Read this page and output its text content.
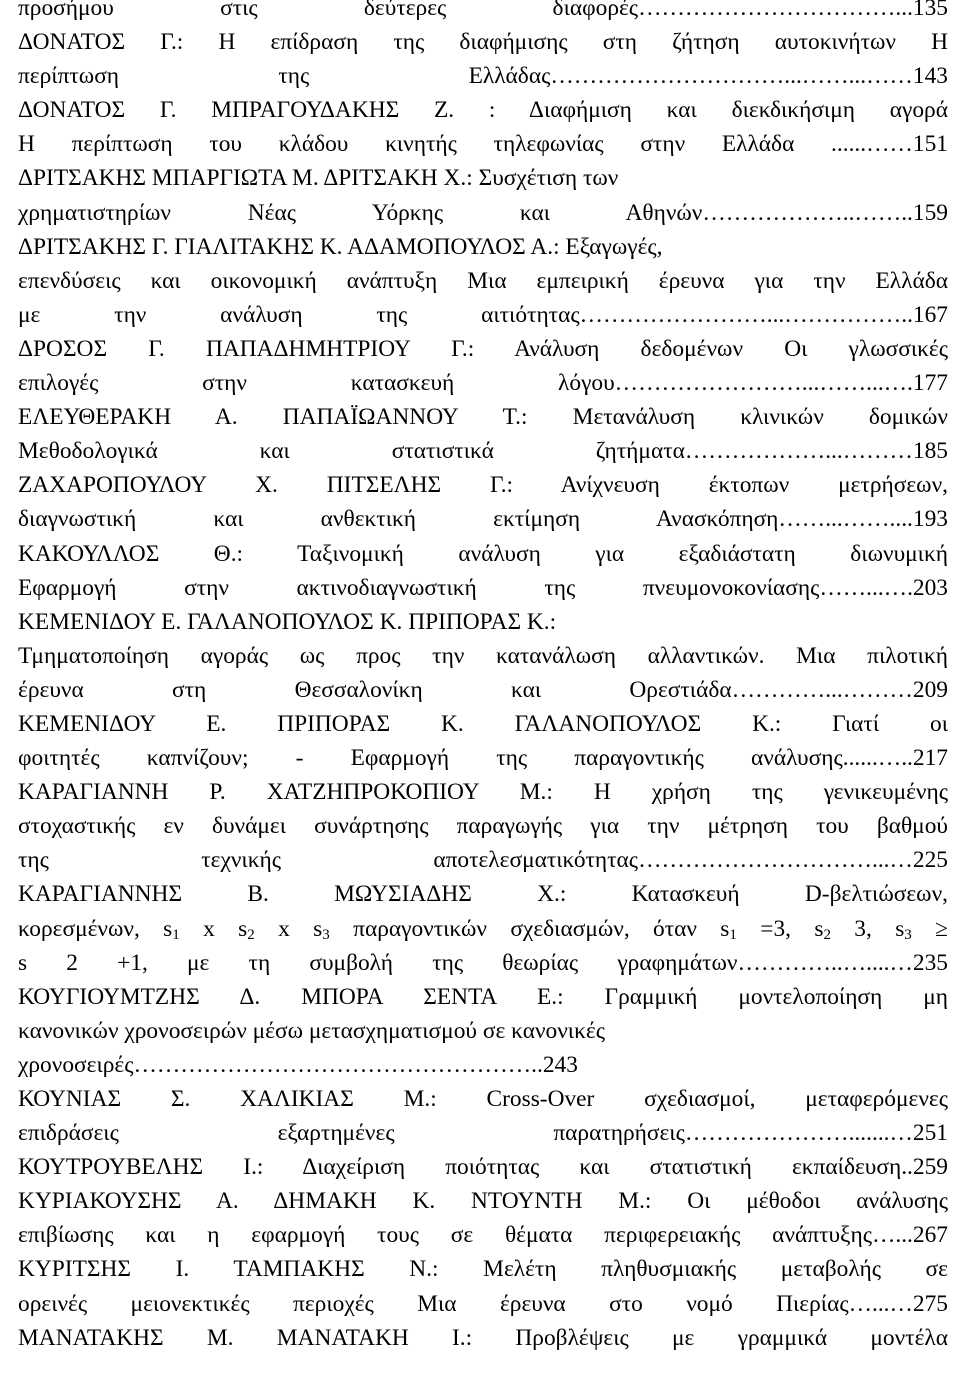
προσήμου στις δεύτερες διαφορές……………………………...135
ΔΟΝΑΤΟΣ Γ.: Η επίδραση της διαφήμισης στη ζήτηση αυτοκινήτων Η
περίπτωση της Ελλάδας…………………………...……...……143
ΔΟΝΑΤΟΣ Γ. ΜΠΡΑΓΟΥΔΑΚΗΣ Ζ. : Διαφήμιση και διεκδικήσιμη αγορά
Η περίπτωση του κλάδου κινητής τηλεφωνίας στην Ελλάδα ......……151
ΔΡΙΤΣΑΚΗΣ ΜΠΑΡΓΙΩΤΑ Μ. ΔΡΙΤΣΑΚΗ Χ.: Συσχέτιση των
χρηματιστηρίων Νέας Υόρκης και Αθηνών………………..……..159
ΔΡΙΤΣΑΚΗΣ Γ. ΓΙΑΛΙΤΑΚΗΣ Κ. ΑΔΑΜΟΠΟΥΛΟΣ Α.: Εξαγωγές,
επενδύσεις και οικονομική ανάπτυξη Μια εμπειρική έρευνα για την Ελλάδα
με την ανάλυση της αιτιότητας……………………...……………..167
ΔΡΟΣΟΣ Γ. ΠΑΠΑΔΗΜΗΤΡΙΟΥ Γ.: Ανάλυση δεδομένων Οι γλωσσικές
επιλογές στην κατασκευή λόγου……………………...……...….177
ΕΛΕΥΘΕΡΑΚΗ Α. ΠΑΠΑΪΩΑΝΝΟΥ Τ.: Μετανάλυση κλινικών δομικών
Μεθοδολογικά και στατιστικά ζητήματα………………...………185
ΖΑΧΑΡΟΠΟΥΛΟΥ Χ. ΠΙΤΣΕΛΗΣ Γ.: Ανίχνευση έκτοπων μετρήσεων,
διαγνωστική και ανθεκτική εκτίμηση Ανασκόπηση……...……....193
ΚΑΚΟΥΛΛΟΣ Θ.: Ταξινομική ανάλυση για εξαδιάστατη διωνυμική
Εφαρμογή στην ακτινοδιαγνωστική της πνευμονοκονίασης……...….203
ΚΕΜΕΝΙΔΟΥ Ε. ΓΑΛΑΝΟΠΟΥΛΟΣ Κ. ΠΡΙΠΟΡΑΣ Κ.:
Τμηματοποίηση αγοράς ως προς την κατανάλωση αλλαντικών. Μια πιλοτική
έρευνα στη Θεσσαλονίκη και Ορεστιάδα…………...………209
ΚΕΜΕΝΙΔΟΥ Ε. ΠΡΙΠΟΡΑΣ Κ. ΓΑΛΑΝΟΠΟΥΛΟΣ Κ.: Γιατί οι
φοιτητές καπνίζουν; - Εφαρμογή της παραγοντικής ανάλυσης......…..217
ΚΑΡΑΓΙΑΝΝΗ Ρ. ΧΑΤΖΗΠΡΟΚΟΠΙΟΥ Μ.: Η χρήση της γενικευμένης
στοχαστικής εν δυνάμει συνάρτησης παραγωγής για την μέτρηση του βαθμού
της τεχνικής αποτελεσματικότητας…………………………...…225
ΚΑΡΑΓΙΑΝΝΗΣ Β. ΜΩΥΣΙΑΔΗΣ Χ.: Κατασκευή D-βελτιώσεων,
κορεσμένων, $s_1$ x $s_2$ x $s_3$ παραγοντικών σχεδιασμών, όταν $s_1 =3$, $s_2$ 3, $s_3$ ≥
s 2 +1, με τη συμβολή της θεωρίας γραφημάτων…………..…....…235
ΚΟΥΓΙΟΥΜΤΖΗΣ Δ. ΜΠΟΡΑ ΣΕΝΤΑ Ε.: Γραμμική μοντελοποίηση μη
κανονικών χρονοσειρών μέσω μετασχηματισμού σε κανονικές
χρονοσειρές……………………………………………..243
ΚΟΥΝΙΑΣ Σ. ΧΑΛΙΚΙΑΣ Μ.: Cross-Over σχεδιασμοί, μεταφερόμενες
επιδράσεις εξαρτημένες παρατηρήσεις………………….......…251
ΚΟΥΤΡΟΥΒΕΛΗΣ Ι.: Διαχείριση ποιότητας και στατιστική εκπαίδευση..259
ΚΥΡΙΑΚΟΥΣΗΣ Α. ΔΗΜΑΚΗ Κ. ΝΤΟΥΝΤΗ Μ.: Οι μέθοδοι ανάλυσης
επιβίωσης και η εφαρμογή τους σε θέματα περιφερειακής ανάπτυξης…...267
ΚΥΡΙΤΣΗΣ Ι. ΤΑΜΠΑΚΗΣ Ν.: Μελέτη πληθυσμιακής μεταβολής σε
ορεινές μειονεκτικές περιοχές Μια έρευνα στο νομό Πιερίας…...…275
ΜΑΝΑΤΑΚΗΣ Μ. ΜΑΝΑΤΑΚΗ Ι.: Προβλέψεις με γραμμικά μοντέλα
